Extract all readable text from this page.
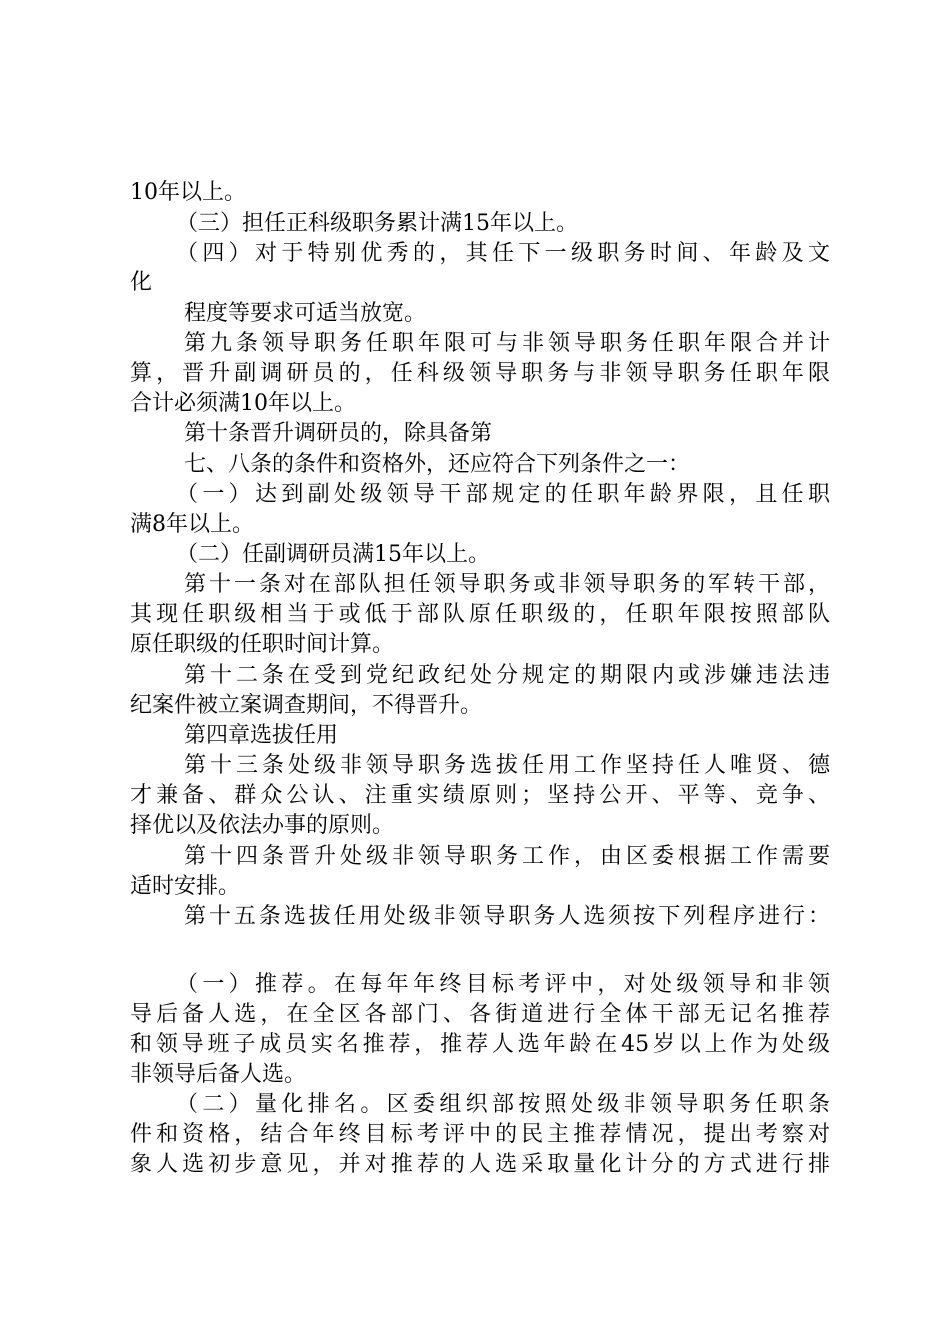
10年以上。
（三）担任正科级职务累计满15年以上。
（四）对于特别优秀的，其任下一级职务时间、年龄及文
化
程度等要求可适当放宽。
第九条领导职务任职年限可与非领导职务任职年限合并计
算，晋升副调研员的，任科级领导职务与非领导职务任职年限
合计必须满10年以上。
第十条晋升调研员的，除具备第
七、八条的条件和资格外，还应符合下列条件之一：
（一）达到副处级领导干部规定的任职年龄界限，且任职
满8年以上。
（二）任副调研员满15年以上。
第十一条对在部队担任领导职务或非领导职务的军转干部，
其现任职级相当于或低于部队原任职级的，任职年限按照部队
原任职级的任职时间计算。
第十二条在受到党纪政纪处分规定的期限内或涉嫌违法违
纪案件被立案调查期间，不得晋升。
第四章选拔任用
第十三条处级非领导职务选拔任用工作坚持任人唯贤、德
才兼备、群众公认、注重实绩原则；坚持公开、平等、竞争、
择优以及依法办事的原则。
第十四条晋升处级非领导职务工作，由区委根据工作需要
适时安排。
第十五条选拔任用处级非领导职务人选须按下列程序进行：
（一）推荐。在每年年终目标考评中，对处级领导和非领
导后备人选，在全区各部门、各街道进行全体干部无记名推荐
和领导班子成员实名推荐，推荐人选年龄在45岁以上作为处级
非领导后备人选。
（二）量化排名。区委组织部按照处级非领导职务任职条
件和资格，结合年终目标考评中的民主推荐情况，提出考察对
象人选初步意见，并对推荐的人选采取量化计分的方式进行排
